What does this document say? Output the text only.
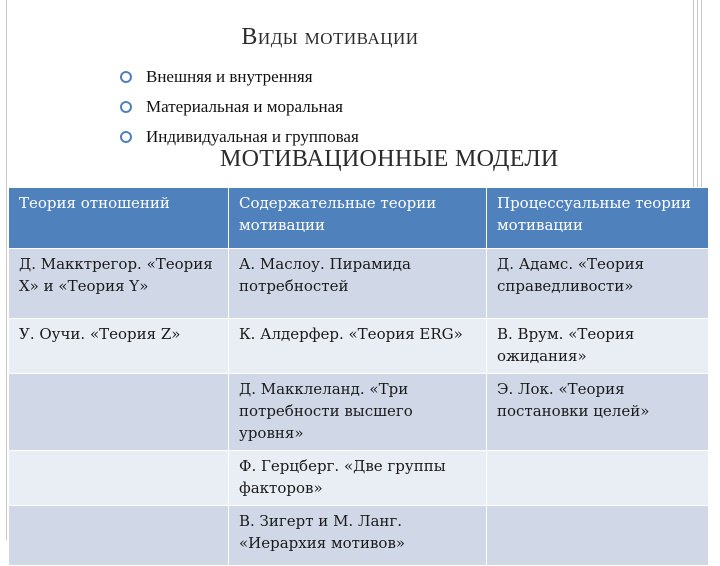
Виды мотивации
Внешняя и внутренняя
Материальная и моральная
Индивидуальная и групповая
МОТИВАЦИОННЫЕ МОДЕЛИ
Теория отношений	Содержательные теории мотивации	Процессуальные теории мотивации
Д. Макктрегор. «Теория X» и «Теория Y»	А. Маслоу. Пирамида потребностей	Д. Адамс. «Теория справедливости»
У. Оучи. «Теория Z»	К. Алдерфер. «Теория ERG»	В. Врум. «Теория ожидания»
	Д. Макклеланд. «Три потребности высшего уровня»	Э. Лок. «Теория постановки целей»
	Ф. Герцберг. «Две группы факторов»	
	В. Зигерт и М. Ланг. «Иерархия мотивов»	
